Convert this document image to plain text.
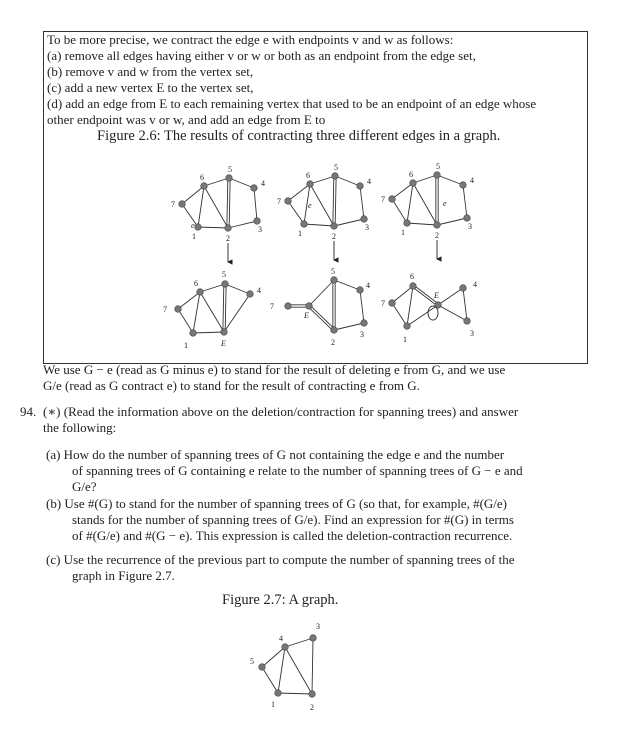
To be more precise, we contract the edge e with endpoints v and w as follows:
(a) remove all edges having either v or w or both as an endpoint from the edge set,
(b) remove v and w from the vertex set,
(c) add a new vertex E to the vertex set,
(d) add an edge from E to each remaining vertex that used to be an endpoint of an edge whose
other endpoint was v or w, and add an edge from E to
Figure 2.6: The results of contracting three different edges in a graph.
6
5
4
7
1	2
3
e
6
5
4
7
1	2
3
e
6
5
4
7
1	2
3
e
6
5
4
7
1	E
7
E
5
4
2
3
6
7
1
E
4
3
3
4
5
1	2
We use G − e (read as G minus e) to stand for the result of deleting e from G, and we use
G/e (read as G contract e) to stand for the result of contracting e from G.
94. (∗) (Read the information above on the deletion/contraction for spanning trees) and answer
the following:
(a) How do the number of spanning trees of G not containing the edge e and the number
of spanning trees of G containing e relate to the number of spanning trees of G − e and
G/e?
(b) Use #(G) to stand for the number of spanning trees of G (so that, for example, #(G/e)
stands for the number of spanning trees of G/e). Find an expression for #(G) in terms
of #(G/e) and #(G − e). This expression is called the deletion-contraction recurrence.
(c) Use the recurrence of the previous part to compute the number of spanning trees of the
graph in Figure 2.7.
Figure 2.7: A graph.
